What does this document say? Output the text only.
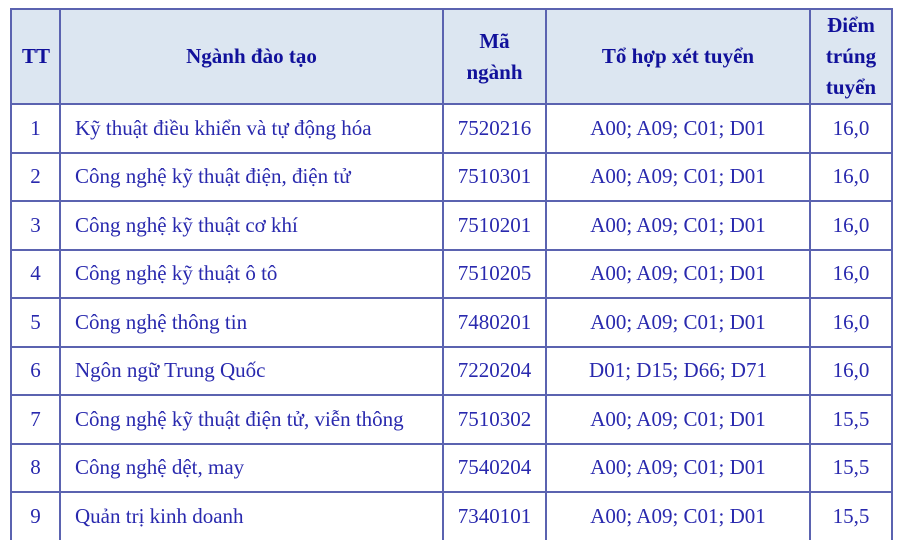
TT	Ngành đào tạo	Mã ngành	Tổ hợp xét tuyển	Điểm trúng tuyển
1	Kỹ thuật điều khiển và tự động hóa	7520216	A00; A09; C01; D01	16,0
2	Công nghệ kỹ thuật điện, điện tử	7510301	A00; A09; C01; D01	16,0
3	Công nghệ kỹ thuật cơ khí	7510201	A00; A09; C01; D01	16,0
4	Công nghệ kỹ thuật ô tô	7510205	A00; A09; C01; D01	16,0
5	Công nghệ thông tin	7480201	A00; A09; C01; D01	16,0
6	Ngôn ngữ Trung Quốc	7220204	D01; D15; D66; D71	16,0
7	Công nghệ kỹ thuật điện tử, viễn thông	7510302	A00; A09; C01; D01	15,5
8	Công nghệ dệt, may	7540204	A00; A09; C01; D01	15,5
9	Quản trị kinh doanh	7340101	A00; A09; C01; D01	15,5
